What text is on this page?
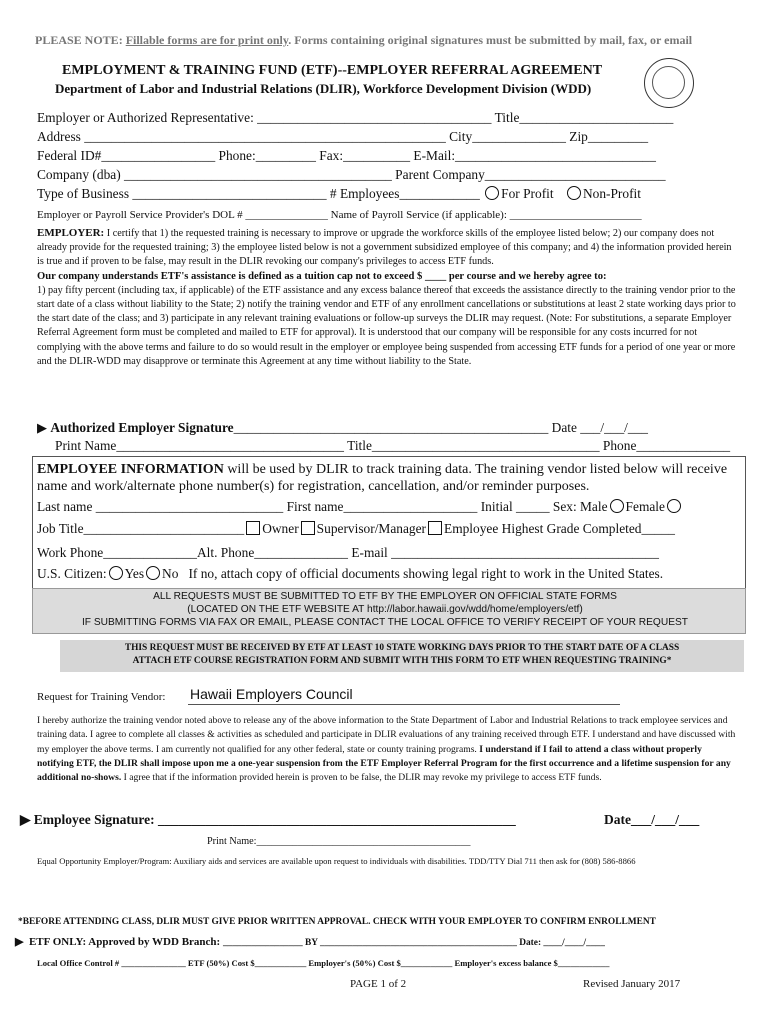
PLEASE NOTE: Fillable forms are for print only. Forms containing original signatures must be submitted by mail, fax, or email
EMPLOYMENT & TRAINING FUND (ETF)--EMPLOYER REFERRAL AGREEMENT
Department of Labor and Industrial Relations (DLIR), Workforce Development Division (WDD)
Employer or Authorized Representative: ___________________________________ Title_______________________
Address ______________________________________________________ City______________ Zip_________
Federal ID#_________________ Phone:_________ Fax:__________ E-Mail:______________________________
Company (dba) ________________________________________ Parent Company___________________________
Type of Business _____________________________ # Employees____________ For Profit Non-Profit
Employer or Payroll Service Provider's DOL # _______________ Name of Payroll Service (if applicable): ________________________
EMPLOYER: I certify that 1) the requested training is necessary to improve or upgrade the workforce skills of the employee listed below; 2) our company does not already provide for the requested training; 3) the employee listed below is not a government subsidized employee of this company; and 4) the information provided herein is true and if proven to be false, may result in the DLIR revoking our company's privileges to access ETF funds.
Our company understands ETF's assistance is defined as a tuition cap not to exceed $ ____ per course and we hereby agree to:
1) pay fifty percent (including tax, if applicable) of the ETF assistance and any excess balance thereof that exceeds the assistance directly to the training vendor prior to the start date of a class without liability to the State; 2) notify the training vendor and ETF of any enrollment cancellations or substitutions at least 2 state working days prior to the start date of the class; and 3) participate in any relevant training evaluations or follow-up surveys the DLIR may request. (Note: For substitutions, a separate Employer Referral Agreement form must be completed and mailed to ETF for approval). It is understood that our company will be responsible for any costs incurred for not complying with the above terms and failure to do so would result in the employer or employee being suspended from accessing ETF funds for a period of one year or more and the DLIR-WDD may disapprove or terminate this Agreement at any time without liability to the State.
▶ Authorized Employer Signature_______________________________________________ Date ___/___/___
Print Name__________________________________ Title__________________________________ Phone______________
EMPLOYEE INFORMATION will be used by DLIR to track training data. The training vendor listed below will receive
name and work/alternate phone number(s) for registration, cancellation, and/or reminder purposes.
Last name ____________________________ First name____________________ Initial _____ Sex: Male Female
Job Title________________________ Owner Supervisor/Manager Employee Highest Grade Completed_____
Work Phone______________Alt. Phone______________ E-mail ________________________________________
U.S. Citizen: Yes No If no, attach copy of official documents showing legal right to work in the United States.
ALL REQUESTS MUST BE SUBMITTED TO ETF BY THE EMPLOYER ON OFFICIAL STATE FORMS
(LOCATED ON THE ETF WEBSITE AT http://labor.hawaii.gov/wdd/home/employers/etf)
IF SUBMITTING FORMS VIA FAX OR EMAIL, PLEASE CONTACT THE LOCAL OFFICE TO VERIFY RECEIPT OF YOUR REQUEST
THIS REQUEST MUST BE RECEIVED BY ETF AT LEAST 10 STATE WORKING DAYS PRIOR TO THE START DATE OF A CLASS
ATTACH ETF COURSE REGISTRATION FORM AND SUBMIT WITH THIS FORM TO ETF WHEN REQUESTING TRAINING*
Request for Training Vendor: Hawaii Employers Council
I hereby authorize the training vendor noted above to release any of the above information to the State Department of Labor and Industrial Relations to track employee services and training data. I agree to complete all classes & activities as scheduled and participate in DLIR evaluations of any training received through ETF. I understand and have discussed with my employer the above terms. I am currently not qualified for any other federal, state or county training programs. I understand if I fail to attend a class without properly notifying ETF, the DLIR shall impose upon me a one-year suspension from the ETF Employer Referral Program for the first occurrence and a lifetime suspension for any additional no-shows. I agree that if the information provided herein is proven to be false, the DLIR may revoke my privilege to access ETF funds.
▶ Employee Signature: _____________________________________________________	Date___/___/___
Print Name:__________________________________________
Equal Opportunity Employer/Program: Auxiliary aids and services are available upon request to individuals with disabilities. TDD/TTY Dial 711 then ask for (808) 586-8866
*BEFORE ATTENDING CLASS, DLIR MUST GIVE PRIOR WRITTEN APPROVAL. CHECK WITH YOUR EMPLOYER TO CONFIRM ENROLLMENT
▶ ETF ONLY: Approved by WDD Branch: _________________ BY __________________________________________ Date: ____/____/____
Local Office Control # _______________ ETF (50%) Cost $____________ Employer's (50%) Cost $____________ Employer's excess balance $____________
PAGE 1 of 2	Revised January 2017
